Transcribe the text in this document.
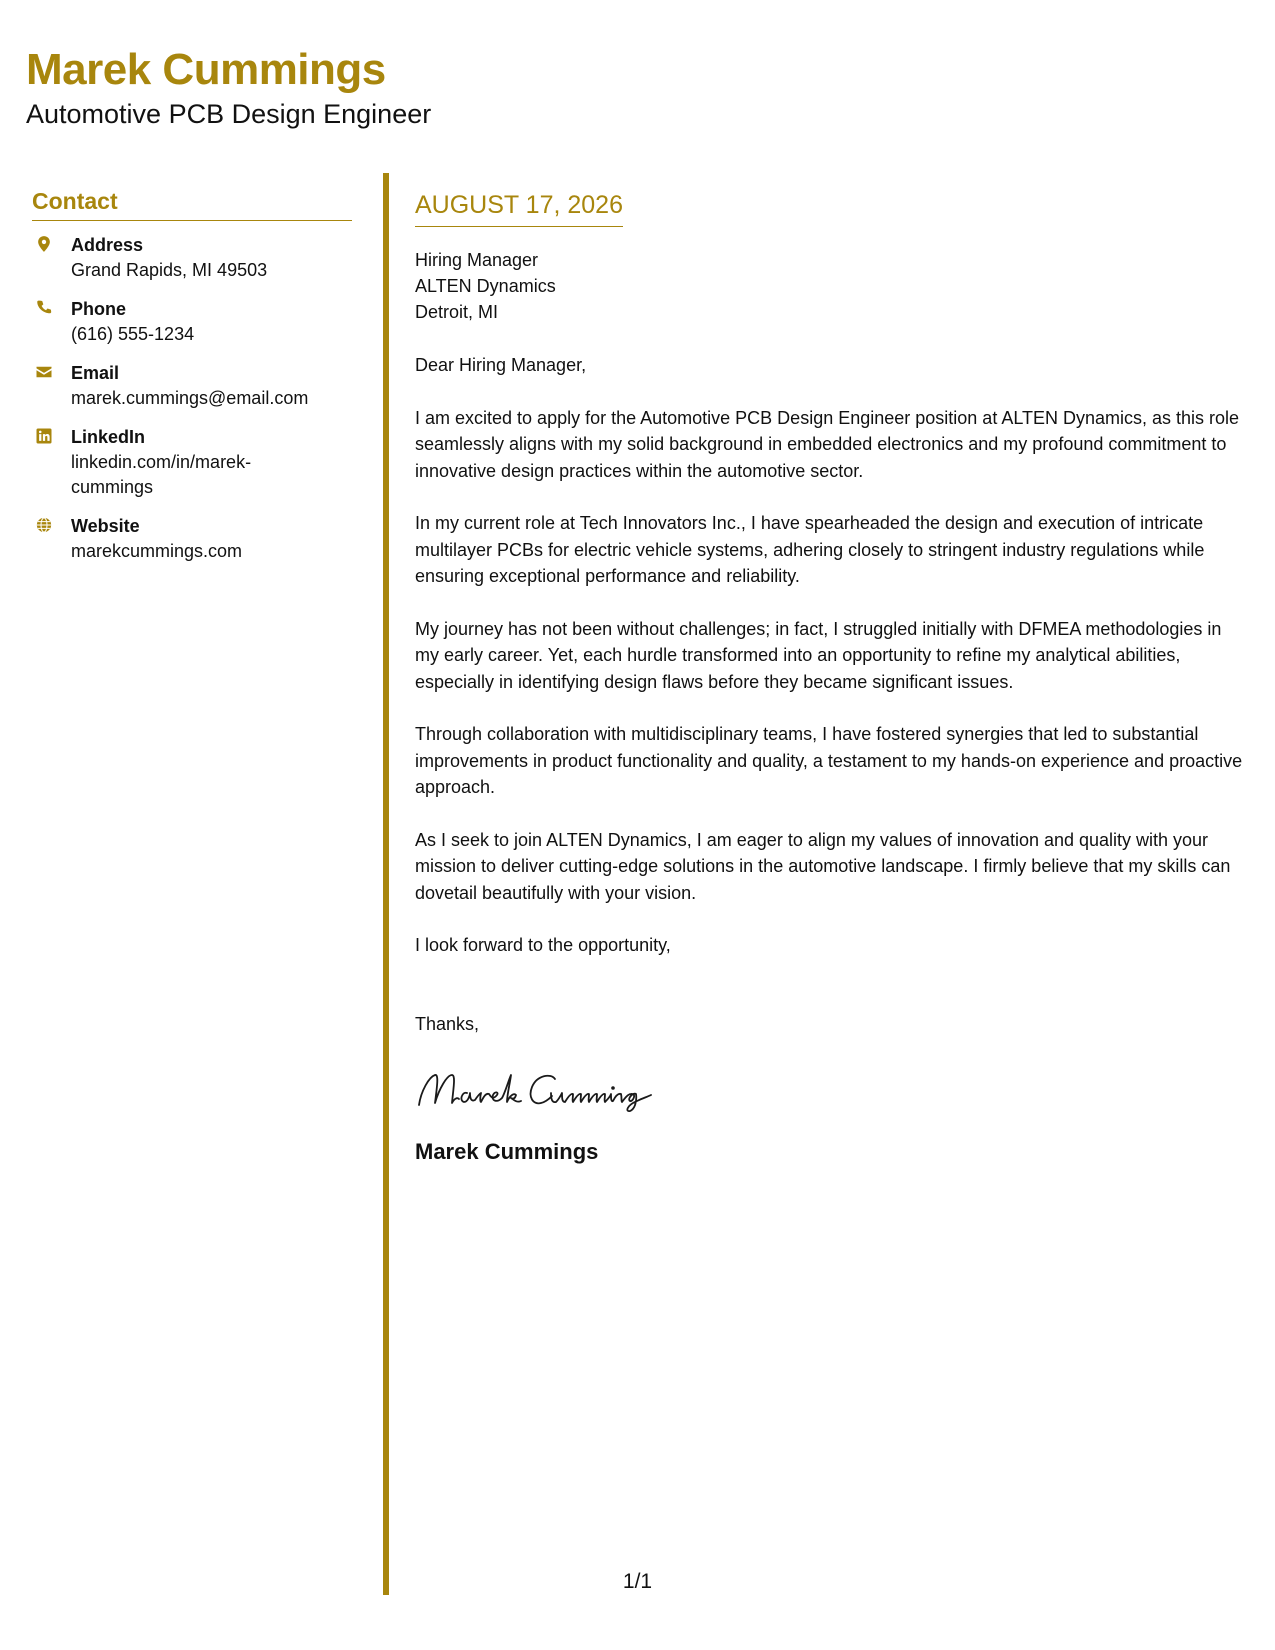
Marek Cummings
Automotive PCB Design Engineer
Contact
Address
Grand Rapids, MI 49503
Phone
(616) 555-1234
Email
marek.cummings@email.com
LinkedIn
linkedin.com/in/marek-
cummings
Website
marekcummings.com
AUGUST 17, 2026
Hiring Manager
ALTEN Dynamics
Detroit, MI
Dear Hiring Manager,

I am excited to apply for the Automotive PCB Design Engineer position at ALTEN Dynamics, as this role seamlessly aligns with my solid background in embedded electronics and my profound commitment to innovative design practices within the automotive sector.

In my current role at Tech Innovators Inc., I have spearheaded the design and execution of intricate multilayer PCBs for electric vehicle systems, adhering closely to stringent industry regulations while ensuring exceptional performance and reliability.

My journey has not been without challenges; in fact, I struggled initially with DFMEA methodologies in my early career. Yet, each hurdle transformed into an opportunity to refine my analytical abilities, especially in identifying design flaws before they became significant issues.

Through collaboration with multidisciplinary teams, I have fostered synergies that led to substantial improvements in product functionality and quality, a testament to my hands-on experience and proactive approach.

As I seek to join ALTEN Dynamics, I am eager to align my values of innovation and quality with your mission to deliver cutting-edge solutions in the automotive landscape. I firmly believe that my skills can dovetail beautifully with your vision.

I look forward to the opportunity,
Thanks,
Marek Cummings
1/1
